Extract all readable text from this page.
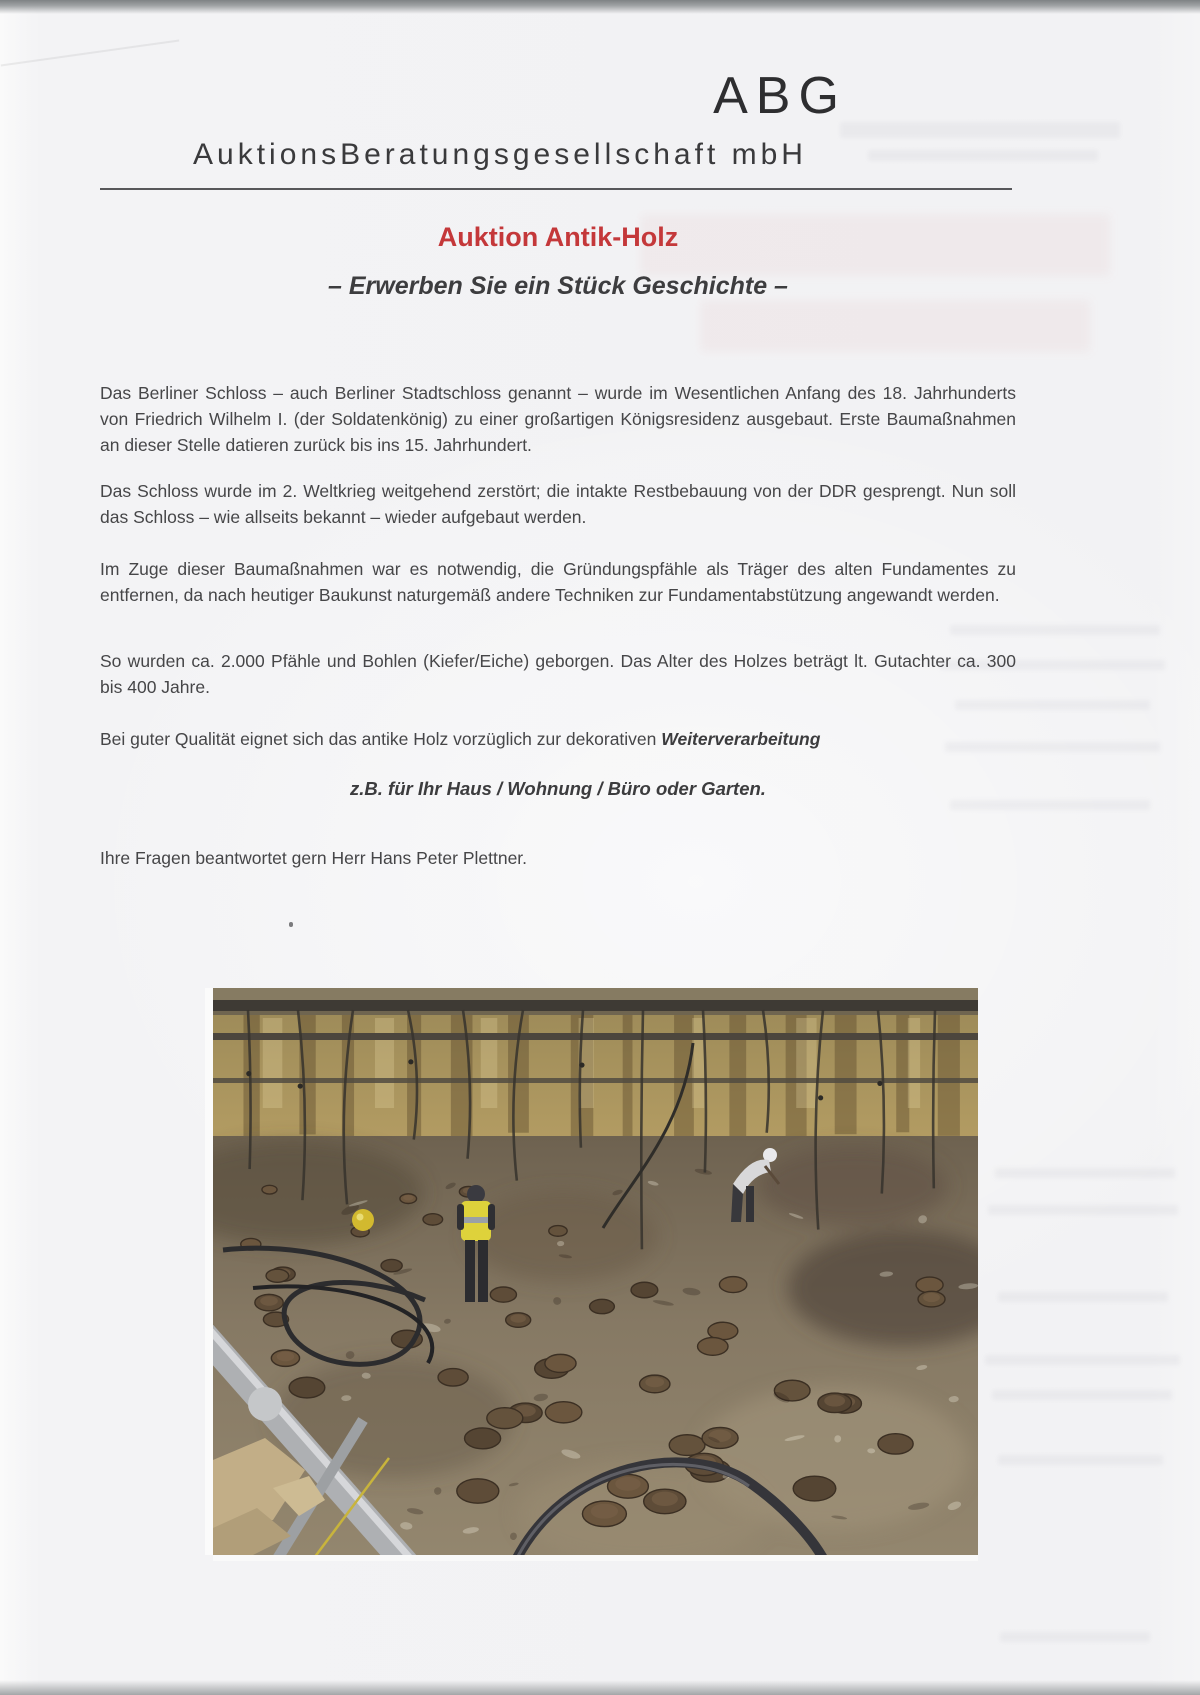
ABG
AuktionsBeratungsgesellschaft mbH
Auktion Antik-Holz
– Erwerben Sie ein Stück Geschichte –
Das Berliner Schloss – auch Berliner Stadtschloss genannt – wurde im Wesentlichen Anfang des 18. Jahrhunderts von Friedrich Wilhelm I. (der Soldatenkönig) zu einer großartigen Königsresidenz ausgebaut. Erste Baumaßnahmen an dieser Stelle datieren zurück bis ins 15. Jahrhundert.
Das Schloss wurde im 2. Weltkrieg weitgehend zerstört; die intakte Restbebauung von der DDR gesprengt. Nun soll das Schloss – wie allseits bekannt – wieder aufgebaut werden.
Im Zuge dieser Baumaßnahmen war es notwendig, die Gründungspfähle als Träger des alten Fundamentes zu entfernen, da nach heutiger Baukunst naturgemäß andere Techniken zur Fundamentabstützung angewandt werden.
So wurden ca. 2.000 Pfähle und Bohlen (Kiefer/Eiche) geborgen. Das Alter des Holzes beträgt lt. Gutachter ca. 300 bis 400 Jahre.
Bei guter Qualität eignet sich das antike Holz vorzüglich zur dekorativen Weiterverarbeitung
z.B. für Ihr Haus / Wohnung / Büro oder Garten.
Ihre Fragen beantwortet gern Herr Hans Peter Plettner.
